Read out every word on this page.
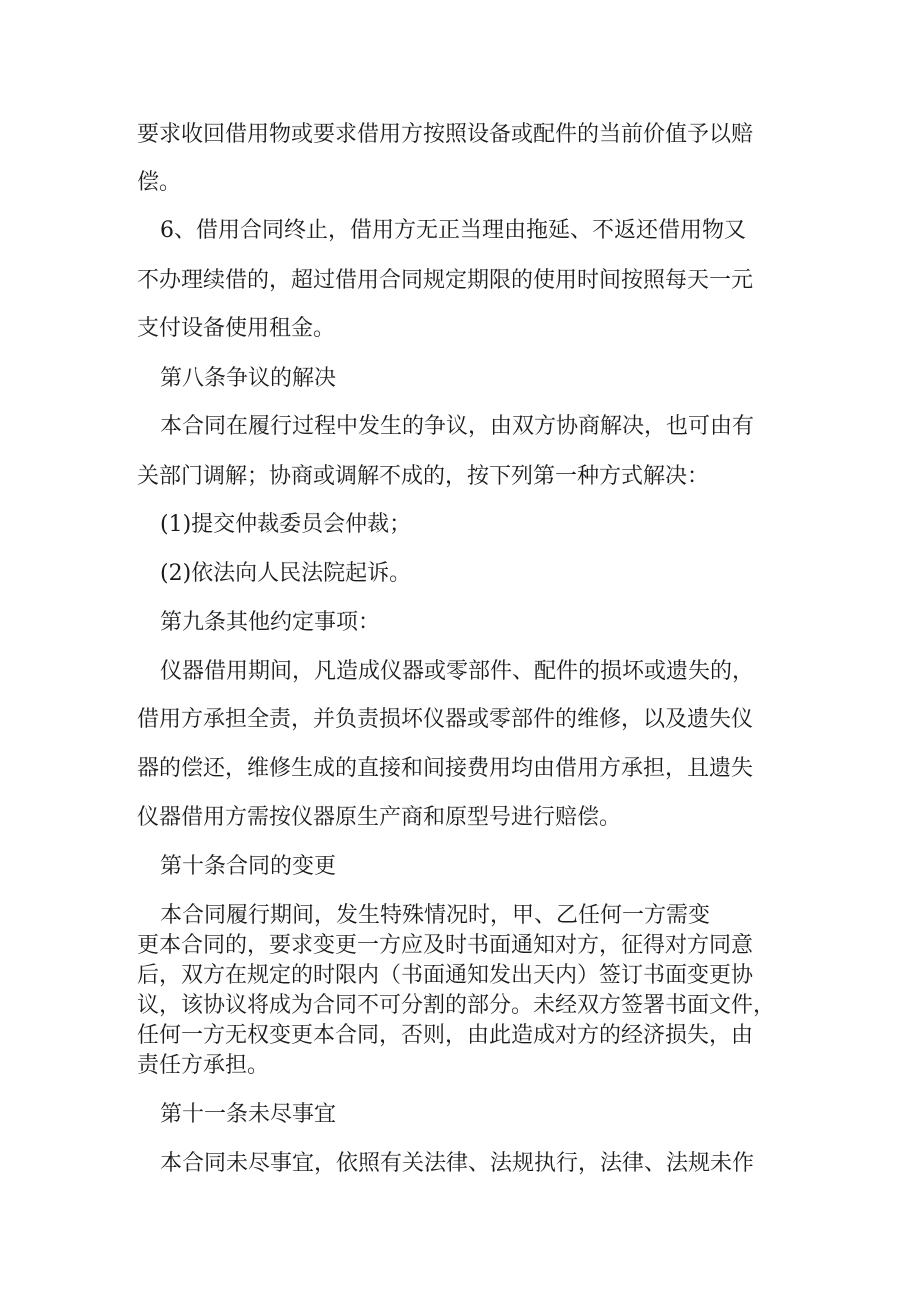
要求收回借用物或要求借用方按照设备或配件的当前价值予以赔
偿。
6、借用合同终止，借用方无正当理由拖延、不返还借用物又
不办理续借的，超过借用合同规定期限的使用时间按照每天一元
支付设备使用租金。
第八条争议的解决
本合同在履行过程中发生的争议，由双方协商解决，也可由有
关部门调解；协商或调解不成的，按下列第一种方式解决：
(1)提交仲裁委员会仲裁；
(2)依法向人民法院起诉。
第九条其他约定事项：
仪器借用期间，凡造成仪器或零部件、配件的损坏或遗失的，
借用方承担全责，并负责损坏仪器或零部件的维修，以及遗失仪
器的偿还，维修生成的直接和间接费用均由借用方承担，且遗失
仪器借用方需按仪器原生产商和原型号进行赔偿。
第十条合同的变更
本合同履行期间，发生特殊情况时，甲、乙任何一方需变
更本合同的，要求变更一方应及时书面通知对方，征得对方同意
后，双方在规定的时限内（书面通知发出天内）签订书面变更协
议，该协议将成为合同不可分割的部分。未经双方签署书面文件，
任何一方无权变更本合同，否则，由此造成对方的经济损失，由
责任方承担。
第十一条未尽事宜
本合同未尽事宜，依照有关法律、法规执行，法律、法规未作
